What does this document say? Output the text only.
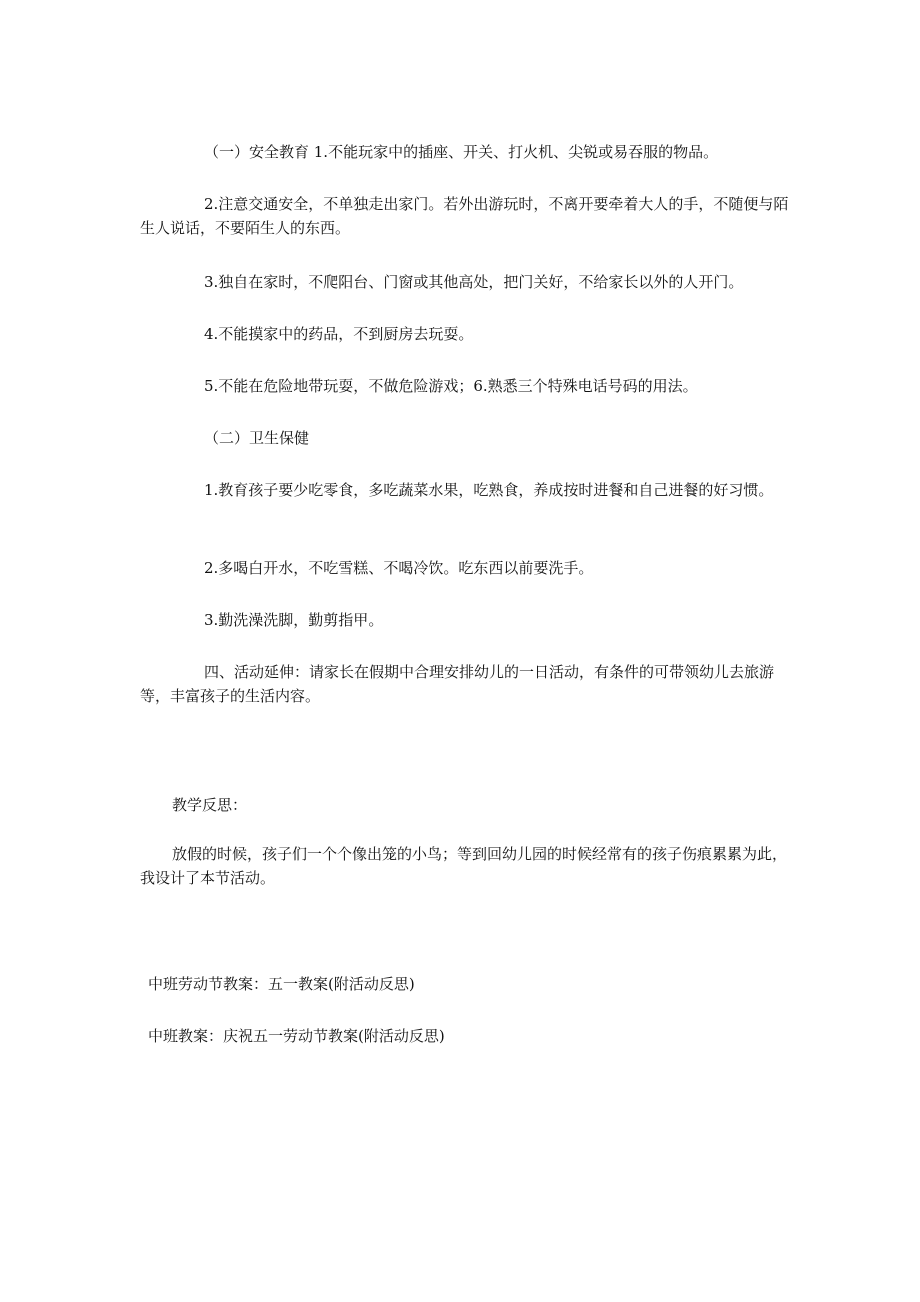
（一）安全教育 1.不能玩家中的插座、开关、打火机、尖锐或易吞服的物品。

2.注意交通安全，不单独走出家门。若外出游玩时，不离开要牵着大人的手，不随便与陌生人说话，不要陌生人的东西。

3.独自在家时，不爬阳台、门窗或其他高处，把门关好，不给家长以外的人开门。

4.不能摸家中的药品，不到厨房去玩耍。

5.不能在危险地带玩耍，不做危险游戏；6.熟悉三个特殊电话号码的用法。

（二）卫生保健

1.教育孩子要少吃零食，多吃蔬菜水果，吃熟食，养成按时进餐和自己进餐的好习惯。

2.多喝白开水，不吃雪糕、不喝冷饮。吃东西以前要洗手。

3.勤洗澡洗脚，勤剪指甲。

四、活动延伸：请家长在假期中合理安排幼儿的一日活动，有条件的可带领幼儿去旅游等，丰富孩子的生活内容。

教学反思：

放假的时候，孩子们一个个像出笼的小鸟；等到回幼儿园的时候经常有的孩子伤痕累累为此，我设计了本节活动。

中班劳动节教案：五一教案(附活动反思)

中班教案：庆祝五一劳动节教案(附活动反思)
